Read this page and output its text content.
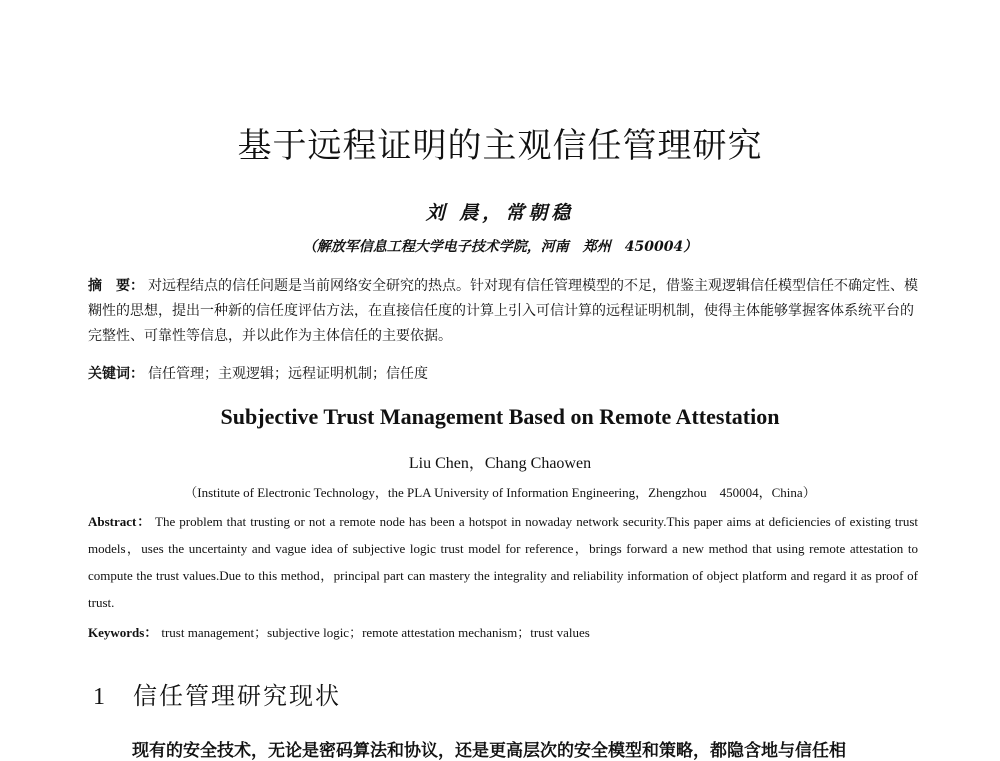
基于远程证明的主观信任管理研究
刘 晨，常朝稳
（解放军信息工程大学电子技术学院，河南　郑州　450004）
摘　要： 对远程结点的信任问题是当前网络安全研究的热点。针对现有信任管理模型的不足，借鉴主观逻辑信任模型信任不确定性、模糊性的思想，提出一种新的信任度评估方法，在直接信任度的计算上引入可信计算的远程证明机制，使得主体能够掌握客体系统平台的完整性、可靠性等信息，并以此作为主体信任的主要依据。
关键词： 信任管理；主观逻辑；远程证明机制；信任度
Subjective Trust Management Based on Remote Attestation
Liu Chen，Chang Chaowen
（Institute of Electronic Technology，the PLA University of Information Engineering，Zhengzhou　450004，China）
Abstract： The problem that trusting or not a remote node has been a hotspot in nowaday network security.This paper aims at deficiencies of existing trust models，uses the uncertainty and vague idea of subjective logic trust model for reference，brings forward a new method that using remote attestation to compute the trust values.Due to this method，principal part can mastery the integrality and reliability information of object platform and regard it as proof of trust.
Keywords： trust management；subjective logic；remote attestation mechanism；trust values
1 信任管理研究现状
现有的安全技术，无论是密码算法和协议，还是更高层次的安全模型和策略，都隐含地与信任相
